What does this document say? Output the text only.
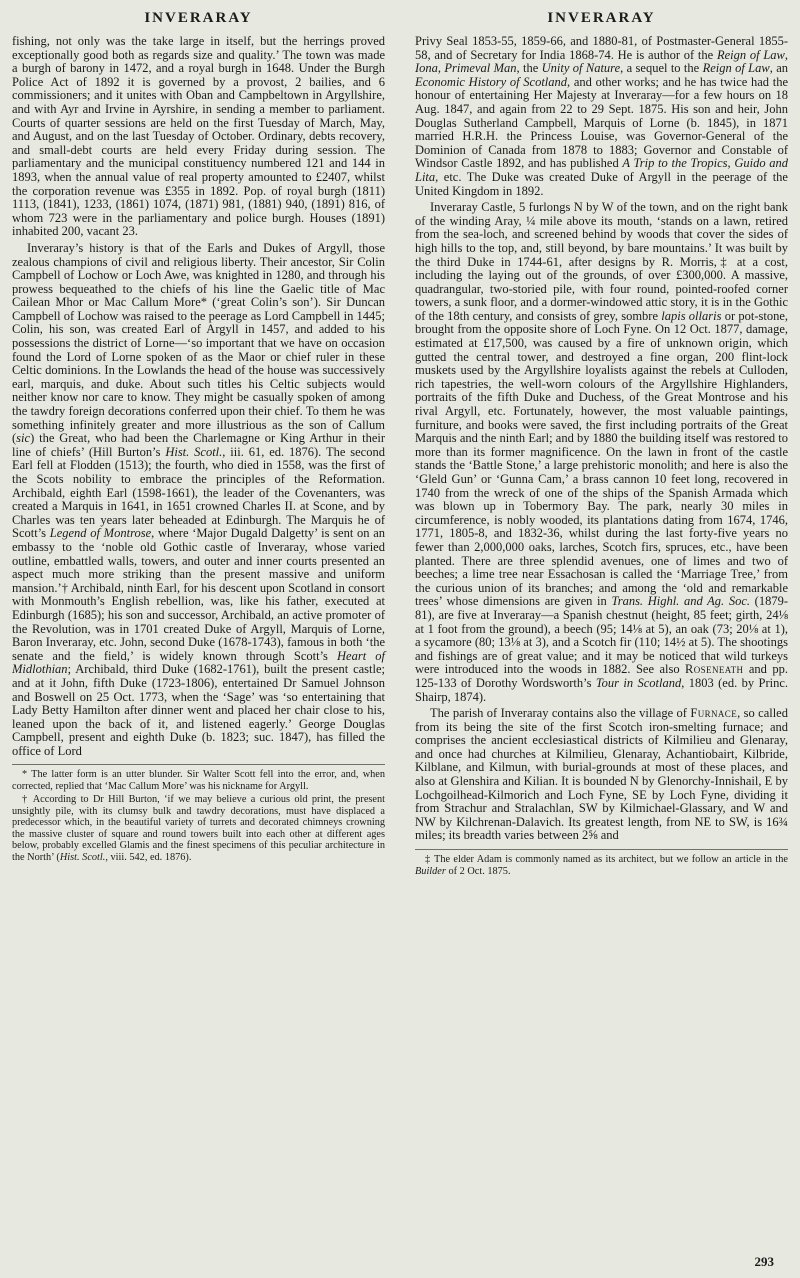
INVERARAY

fishing, not only was the take large in itself, but the herrings proved exceptionally good both as regards size and quality.’ The town was made a burgh of barony in 1472, and a royal burgh in 1648. Under the Burgh Police Act of 1892 it is governed by a provost, 2 bailies, and 6 commissioners; and it unites with Oban and Campbeltown in Argyllshire, and with Ayr and Irvine in Ayrshire, in sending a member to parliament. Courts of quarter sessions are held on the first Tuesday of March, May, and August, and on the last Tuesday of October. Ordinary, debts recovery, and small-debt courts are held every Friday during session. The parliamentary and the municipal constituency numbered 121 and 144 in 1893, when the annual value of real property amounted to £2407, whilst the corporation revenue was £355 in 1892. Pop. of royal burgh (1811) 1113, (1841), 1233, (1861) 1074, (1871) 981, (1881) 940, (1891) 816, of whom 723 were in the parliamentary and police burgh. Houses (1891) inhabited 200, vacant 23.

Inveraray’s history is that of the Earls and Dukes of Argyll, those zealous champions of civil and religious liberty. Their ancestor, Sir Colin Campbell of Lochow or Loch Awe, was knighted in 1280, and through his prowess bequeathed to the chiefs of his line the Gaelic title of Mac Cailean Mhor or Mac Callum More* (‘great Colin’s son’). Sir Duncan Campbell of Lochow was raised to the peerage as Lord Campbell in 1445; Colin, his son, was created Earl of Argyll in 1457, and added to his possessions the district of Lorne—‘so important that we have on occasion found the Lord of Lorne spoken of as the Maor or chief ruler in these Celtic dominions. In the Lowlands the head of the house was successively earl, marquis, and duke. About such titles his Celtic subjects would neither know nor care to know. They might be casually spoken of among the tawdry foreign decorations conferred upon their chief. To them he was something infinitely greater and more illustrious as the son of Callum (sic) the Great, who had been the Charlemagne or King Arthur in their line of chiefs’ (Hill Burton’s Hist. Scotl., iii. 61, ed. 1876). The second Earl fell at Flodden (1513); the fourth, who died in 1558, was the first of the Scots nobility to embrace the principles of the Reformation. Archibald, eighth Earl (1598-1661), the leader of the Covenanters, was created a Marquis in 1641, in 1651 crowned Charles II. at Scone, and by Charles was ten years later beheaded at Edinburgh. The Marquis he of Scott’s Legend of Montrose, where ‘Major Dugald Dalgetty’ is sent on an embassy to the ‘noble old Gothic castle of Inveraray, whose varied outline, embattled walls, towers, and outer and inner courts presented an aspect much more striking than the present massive and uniform mansion.’† Archibald, ninth Earl, for his descent upon Scotland in consort with Monmouth’s English rebellion, was, like his father, executed at Edinburgh (1685); his son and successor, Archibald, an active promoter of the Revolution, was in 1701 created Duke of Argyll, Marquis of Lorne, Baron Inveraray, etc. John, second Duke (1678-1743), famous in both ‘the senate and the field,’ is widely known through Scott’s Heart of Midlothian; Archibald, third Duke (1682-1761), built the present castle; and at it John, fifth Duke (1723-1806), entertained Dr Samuel Johnson and Boswell on 25 Oct. 1773, when the ‘Sage’ was ‘so entertaining that Lady Betty Hamilton after dinner went and placed her chair close to his, leaned upon the back of it, and listened eagerly.’ George Douglas Campbell, present and eighth Duke (b. 1823; suc. 1847), has filled the office of Lord

* The latter form is an utter blunder. Sir Walter Scott fell into the error, and, when corrected, replied that ‘Mac Callum More’ was his nickname for Argyll.

† According to Dr Hill Burton, ‘if we may believe a curious old print, the present unsightly pile, with its clumsy bulk and tawdry decorations, must have displaced a predecessor which, in the beautiful variety of turrets and decorated chimneys crowning the massive cluster of square and round towers built into each other at different ages below, probably excelled Glamis and the finest specimens of this peculiar architecture in the North’ (Hist. Scotl., viii. 542, ed. 1876).

INVERARAY

Privy Seal 1853-55, 1859-66, and 1880-81, of Postmaster-General 1855-58, and of Secretary for India 1868-74. He is author of the Reign of Law, Iona, Primeval Man, the Unity of Nature, a sequel to the Reign of Law, an Economic History of Scotland, and other works; and he has twice had the honour of entertaining Her Majesty at Inveraray—for a few hours on 18 Aug. 1847, and again from 22 to 29 Sept. 1875. His son and heir, John Douglas Sutherland Campbell, Marquis of Lorne (b. 1845), in 1871 married H.R.H. the Princess Louise, was Governor-General of the Dominion of Canada from 1878 to 1883; Governor and Constable of Windsor Castle 1892, and has published A Trip to the Tropics, Guido and Lita, etc. The Duke was created Duke of Argyll in the peerage of the United Kingdom in 1892.

Inveraray Castle, 5 furlongs N by W of the town, and on the right bank of the winding Aray, ¼ mile above its mouth, ‘stands on a lawn, retired from the sea-loch, and screened behind by woods that cover the sides of high hills to the top, and, still beyond, by bare mountains.’ It was built by the third Duke in 1744-61, after designs by R. Morris,‡ at a cost, including the laying out of the grounds, of over £300,000. A massive, quadrangular, two-storied pile, with four round, pointed-roofed corner towers, a sunk floor, and a dormer-windowed attic story, it is in the Gothic of the 18th century, and consists of grey, sombre lapis ollaris or pot-stone, brought from the opposite shore of Loch Fyne. On 12 Oct. 1877, damage, estimated at £17,500, was caused by a fire of unknown origin, which gutted the central tower, and destroyed a fine organ, 200 flint-lock muskets used by the Argyllshire loyalists against the rebels at Culloden, rich tapestries, the well-worn colours of the Argyllshire Highlanders, portraits of the fifth Duke and Duchess, of the Great Montrose and his rival Argyll, etc. Fortunately, however, the most valuable paintings, furniture, and books were saved, the first including portraits of the Great Marquis and the ninth Earl; and by 1880 the building itself was restored to more than its former magnificence. On the lawn in front of the castle stands the ‘Battle Stone,’ a large prehistoric monolith; and here is also the ‘Gleld Gun’ or ‘Gunna Cam,’ a brass cannon 10 feet long, recovered in 1740 from the wreck of one of the ships of the Spanish Armada which was blown up in Tobermory Bay. The park, nearly 30 miles in circumference, is nobly wooded, its plantations dating from 1674, 1746, 1771, 1805-8, and 1832-36, whilst during the last forty-five years no fewer than 2,000,000 oaks, larches, Scotch firs, spruces, etc., have been planted. There are three splendid avenues, one of limes and two of beeches; a lime tree near Essachosan is called the ‘Marriage Tree,’ from the curious union of its branches; and among the ‘old and remarkable trees’ whose dimensions are given in Trans. Highl. and Ag. Soc. (1879-81), are five at Inveraray—a Spanish chestnut (height, 85 feet; girth, 24⅛ at 1 foot from the ground), a beech (95; 14⅛ at 5), an oak (73; 20⅛ at 1), a sycamore (80; 13⅛ at 3), and a Scotch fir (110; 14½ at 5). The shootings and fishings are of great value; and it may be noticed that wild turkeys were introduced into the woods in 1882. See also Roseneath and pp. 125-133 of Dorothy Wordsworth’s Tour in Scotland, 1803 (ed. by Princ. Shairp, 1874).

The parish of Inveraray contains also the village of Furnace, so called from its being the site of the first Scotch iron-smelting furnace; and comprises the ancient ecclesiastical districts of Kilmilieu and Glenaray, and once had churches at Kilmilieu, Glenaray, Achantiobairt, Kilbride, Kilblane, and Kilmun, with burial-grounds at most of these places, and also at Glenshira and Kilian. It is bounded N by Glenorchy-Innishail, E by Lochgoilhead-Kilmorich and Loch Fyne, SE by Loch Fyne, dividing it from Strachur and Stralachlan, SW by Kilmichael-Glassary, and W and NW by Kilchrenan-Dalavich. Its greatest length, from NE to SW, is 16¾ miles; its breadth varies between 2⅝ and

‡ The elder Adam is commonly named as its architect, but we follow an article in the Builder of 2 Oct. 1875.

293
